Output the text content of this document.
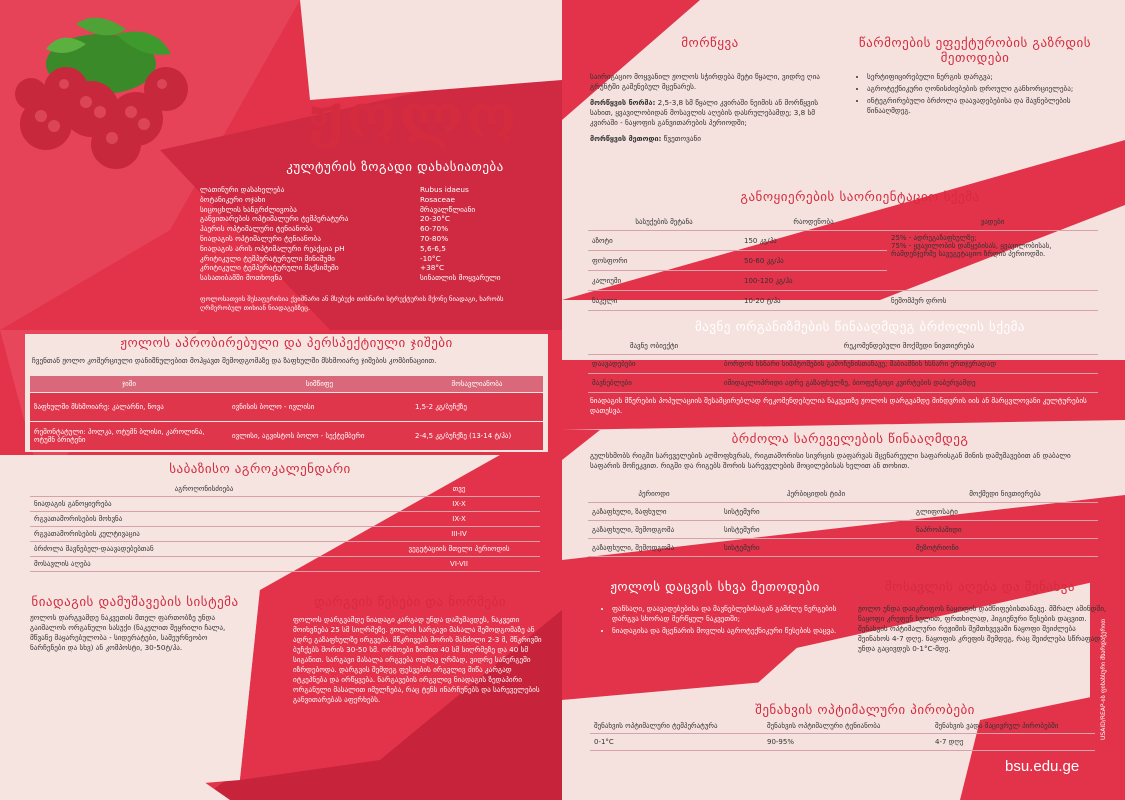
ჟოლო
კულტურის ზოგადი დახასიათება
ლათინური დასახელება	Rubus idaeus
ბოტანიკური ოჯახი	Rosaceae
სიცოცხლის ხანგრძლივობა	მრავალწლიანი
განვითარების ოპტიმალური ტემპერატურა	20-30°C
ჰაერის ოპტიმალური ტენიანობა	60-70%
ნიადაგის ოპტიმალური ტენიანობა	70-80%
ნიადაგის არის ოპტიმალური რეაქცია pH	5,6-6,5
კრიტიკული ტემპერატურული მინიმუმი	-10°C
კრიტიკული ტემპერატურული მაქსიმუმი	+38°C
სასათიბამში მოთხოვნა	სინათლის მოყვარული
ფოლოსათვის შესაფერისია ქვიშნარი ან მსუბუქი თიხნარი სტრუქტურის მქონე ნიადაგი, ხარობს ღრმერობულ თიხიან ნიადაგებზეც.
ჟოლოს აპრობირებული და პერსპექტიული ჯიშები
ჩვენთან ჟოლო კომერციული დანიშნულებით მოჰყავთ შემოდგომაზე და ზაფხულში მსხმოიარე ჯიშების კომბინაციით.
ჯიში	სიშწიფე	მოსავლიანობა
ზაფხულში მსხმოიარე: კალარნი, ნოვა	ივნისის ბოლო - ივლისი	1,5-2 კგ/ბუჩქზე
რემონტატული: პოლკა, ოტუმნ ბლისი, კაროლინა, ოტუმნ ბრიტენი	ივლისი, აგვისტოს ბოლო - სექტემბერი	2-4,5 კგ/ბუჩქზე (13-14 ტ/ჰა)
საბაზისო აგროკალენდარი
აგროღონისძიება	თვე
ნიადაგის განოყიერება	IX-X
რგვათამორისების მოხვნა	IX-X
რგვათამორისების კულტივაცია	III-IV
ბრძოლა მავნებელ-დაავადებებთან	ვეგეტაციის მთელი პერიოდის
მოსავლის აღება	VI-VII
ნიადაგის დამუშავების სისტემა
ჟოლოს დარგვამდე ნაკვეთის მთელ ფართობზე უნდა გაიშალოს ორგანული სასუქი (ნაკელით შეყრილი ჩალა, მწვანე მაყარებულობა - სიდერატები, სამეურნეობო ნარჩენები და სხვ) ან კომპოსტი, 30-50ტ/ჰა.
დარგვის წესები და ნორმები
ფოლოს დარგვამდე ნიადაგი კარგად უნდა დამუშავდეს, ნაკვეთი მოიხვნება 25 სმ სიღრმეზე. ჟოლოს სარგავი მასალა შემოდგომაზე ან ადრე გაზაფხულზე ირგვება. მწკრივებს შორის მანძილი 2-3 მ, მწკრივში ბუჩქებს შორის 30-50 სმ. ორმოები ზომით 40 სმ სიღრმეზე და 40 სმ სიგანით. სარგავი მასალა ირგვება ოდნავ ღრმად, ვიდრე სანერგეში იზრდებოდა. დარგვის შემდეგ ფესვების ირგვლივ მიწა კარგად იტკეპნება და ირწყვება. ნარგავების ირგვლივ ნიადაგის ზედაპირი ორგანული მასალით იმულჩება, რაც ტენს ინარჩუნებს და სარეველების განვითარებას აფერხებს.
მორწყვა
საირიგაციო მოყვანილ ჟოლოს სჭირდება მეტი წყალი, ვიდრე ღია გრუნტში გაშენებულ მცენარეს.
მორწყვის ნორმა: 2,5-3,8 სმ წყალი კვირაში ნეიმის ან მორწყვის სახით, ყვავილობიდან მოსავლის აღების დასრულებამდე; 3,8 სმ კვირაში - ნაყოფის განვითარების პერიოდში;
მორწყვის მეთოდი: წვეთოვანი
წარმოების ეფექტურობის გაზრდის მეთოდები
• სერტიფიცირებული ნერგის დარგვა;
• აგროტექნიკური ღონისძიებების დროული განხორციელება;
• ინტეგრირებული ბრძოლა დაავადებებისა და მავნებლების წინააღმდეგ.
განოყიერების საორიენტაციო სქემა
სასუქების მეტანა	რაოდენობა	ვადები
აზოტი	150 კგ/ჰა	25% - ადრეგაზაფხულზე;
75% - ყვავილობის დაწყებისას, ყვავილობისას, რამდენჯერმე სავეგეტაციო ზრდის პერიოდში.
ფოსფორი	50-60 კგ/ჰა	
კალიუმი	100-120 კგ/ჰა	
ნაკელი	10-20 ტ/ჰა	ნეშომპურ დროს
მავნე ორგანიზმების წინააღმდეგ ბრძოლის სქემა
მავნე ობიექტი	რეკომენდებული მოქმედი ნივთიერება
დაავადებები	ბორდოს ხსნარი სიმპტომების გამოჩენისთანავე; შაბიამნის ხსნარი ერთჯერადად
მავნებლები	იმიდაკლოპრიდი ადრე გაზაფხულზე, ბიოფუნგიცი კვირტების დაბერვამდე
ნიადაგის მწერების პოპულაციის შესამცირებლად რეკომენდებულია ნაკვეთზე ჟოლოს დარგვამდე მინდვრის იის ან მარცვლოვანი კულტურების დათესვა.
ბრძოლა სარეველების წინააღმდეგ
გულსხმობს რიგში სარეველების აღმოფხვრას, რიგთაშორისი სივრცის დაფარვას მცენარეული საფარისგან მინის დამუშავებით ან დაბალი საფარის მოჩეკვით. რიგში და რიგებს შორის სარეველების მოცილებისას ხელით ან თოხით.
პერიოდი	ჰერბიციდის ტიპი	მოქმედი ნივთიერება
გაზაფხული, ზაფხული	სისტემური	გლიფოსატი
გაზაფხული, შემოდგომა	სისტემური	ნაპროპამიდი
გაზაფხული, შემოდგომა	სისტემური	მეზოტრიონი
ჟოლოს დაცვის სხვა მეთოდები
• ფანსაღი, დაავადებებისა და მავნებლებისაგან გამძლე ნერგების დარგვა სხორად მერწყულ ნაკვეთში;
• ნიადაგისა და მცენარის მოვლის აგროტექნიკური წესების დაცვა.
მოსავლის აღება და შენახვა
ჟოლო უნდა დაიკრიფოს ნაყოფის დამწიფებისთანავე. მშრალ ამინდში, ნაყოფი კრეფენ ხელით, ფრთხილად, ჰიგიენური წესების დაცვით. შენახვის ოპტიმალური რეჟიმის შემთხვევაში ნაყოფი შეიძლება შეინახოს 4-7 დღე. ნაყოფის კრეფის შემდეგ, რაც შეიძლება სწრაფად უნდა გაცივდეს 0-1°C-მდე.
შენახვის ოპტიმალური პირობები
შენახვის ოპტიმალური ტემპერატურა	შენახვის ოპტიმალური ტენიანობა	შენახვის ვადა მაცივრულ პირობებში
0-1°C	90-95%	4-7 დღე
bsu.edu.ge
USAID/REAP-ის ფინანსური მხარდაჭერით
